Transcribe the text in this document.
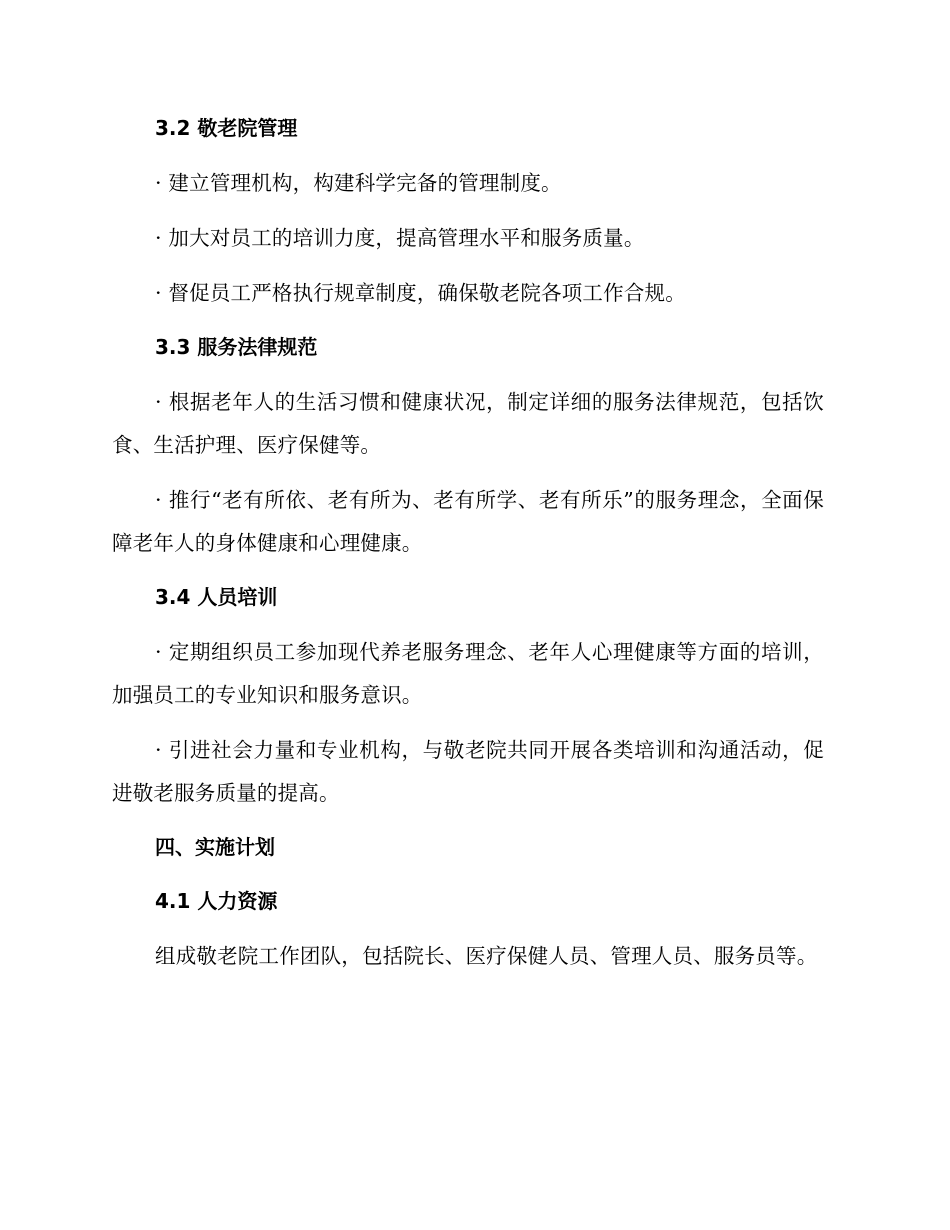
3.2 敬老院管理

· 建立管理机构，构建科学完备的管理制度。

· 加大对员工的培训力度，提高管理水平和服务质量。

· 督促员工严格执行规章制度，确保敬老院各项工作合规。

3.3 服务法律规范

· 根据老年人的生活习惯和健康状况，制定详细的服务法律规范，包括饮食、生活护理、医疗保健等。

· 推行“老有所依、老有所为、老有所学、老有所乐”的服务理念，全面保障老年人的身体健康和心理健康。

3.4 人员培训

· 定期组织员工参加现代养老服务理念、老年人心理健康等方面的培训，加强员工的专业知识和服务意识。

· 引进社会力量和专业机构，与敬老院共同开展各类培训和沟通活动，促进敬老服务质量的提高。

四、实施计划
4.1 人力资源

组成敬老院工作团队，包括院长、医疗保健人员、管理人员、服务员等。
